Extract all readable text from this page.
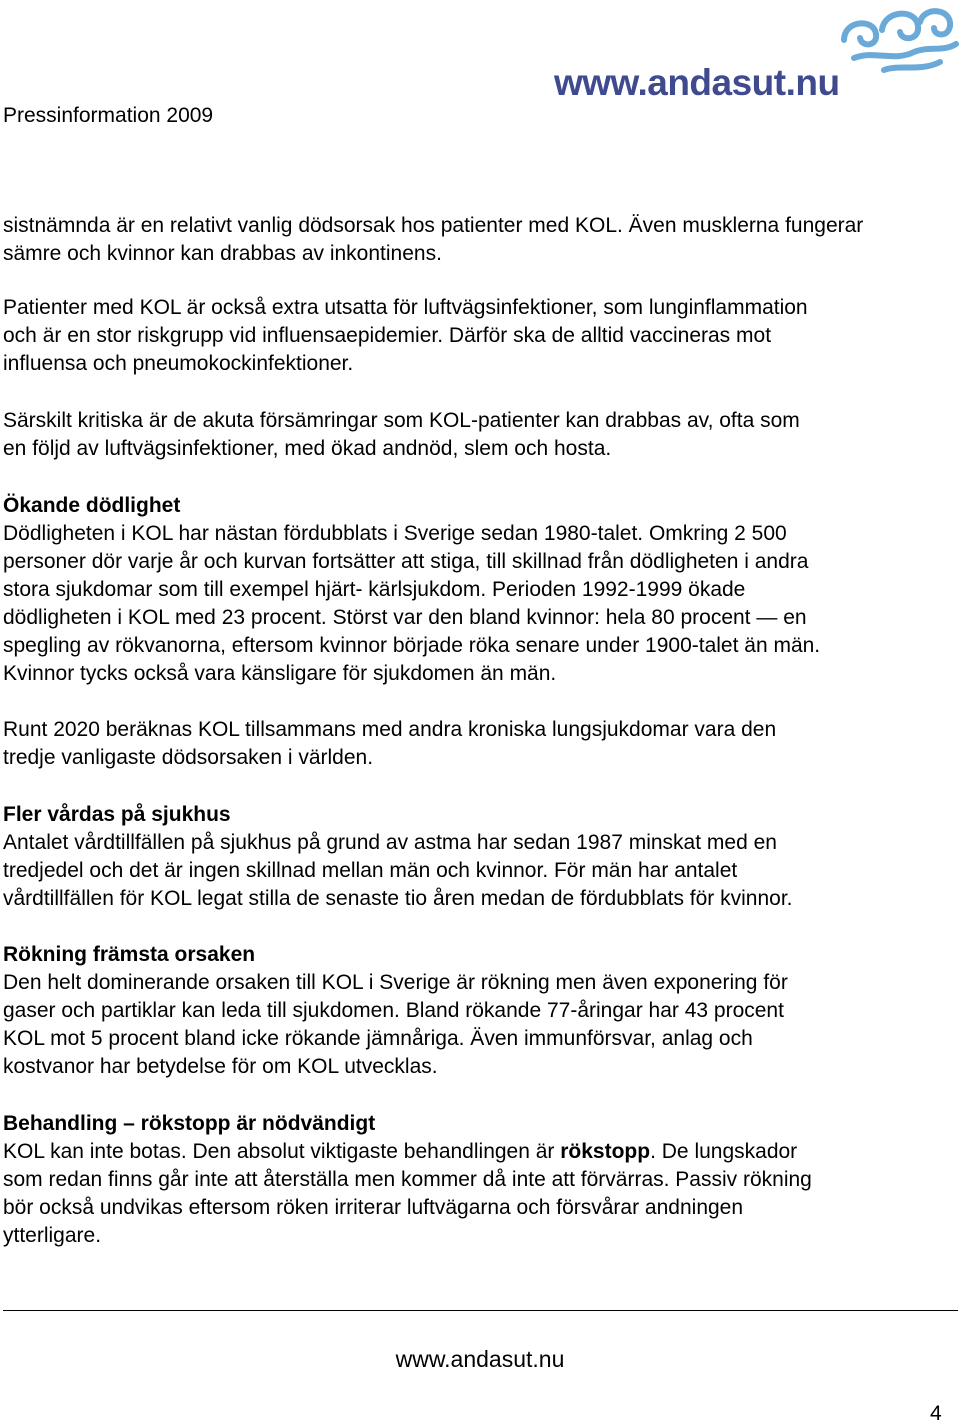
Pressinformation 2009
www.andasut.nu

sistnämnda är en relativt vanlig dödsorsak hos patienter med KOL. Även musklerna fungerar
sämre och kvinnor kan drabbas av inkontinens.

Patienter med KOL är också extra utsatta för luftvägsinfektioner, som lunginflammation
och är en stor riskgrupp vid influensaepidemier. Därför ska de alltid vaccineras mot
influensa och pneumokockinfektioner.

Särskilt kritiska är de akuta försämringar som KOL-patienter kan drabbas av, ofta som
en följd av luftvägsinfektioner, med ökad andnöd, slem och hosta.

Ökande dödlighet
Dödligheten i KOL har nästan fördubblats i Sverige sedan 1980-talet. Omkring 2 500
personer dör varje år och kurvan fortsätter att stiga, till skillnad från dödligheten i andra
stora sjukdomar som till exempel hjärt- kärlsjukdom. Perioden 1992-1999 ökade
dödligheten i KOL med 23 procent. Störst var den bland kvinnor: hela 80 procent — en
spegling av rökvanorna, eftersom kvinnor började röka senare under 1900-talet än män.
Kvinnor tycks också vara känsligare för sjukdomen än män.

Runt 2020 beräknas KOL tillsammans med andra kroniska lungsjukdomar vara den
tredje vanligaste dödsorsaken i världen.

Fler vårdas på sjukhus
Antalet vårdtillfällen på sjukhus på grund av astma har sedan 1987 minskat med en
tredjedel och det är ingen skillnad mellan män och kvinnor. För män har antalet
vårdtillfällen för KOL legat stilla de senaste tio åren medan de fördubblats för kvinnor.

Rökning främsta orsaken
Den helt dominerande orsaken till KOL i Sverige är rökning men även exponering för
gaser och partiklar kan leda till sjukdomen. Bland rökande 77-åringar har 43 procent
KOL mot 5 procent bland icke rökande jämnåriga. Även immunförsvar, anlag och
kostvanor har betydelse för om KOL utvecklas.

Behandling – rökstopp är nödvändigt
KOL kan inte botas. Den absolut viktigaste behandlingen är rökstopp. De lungskador
som redan finns går inte att återställa men kommer då inte att förvärras. Passiv rökning
bör också undvikas eftersom röken irriterar luftvägarna och försvårar andningen
ytterligare.

www.andasut.nu
4
